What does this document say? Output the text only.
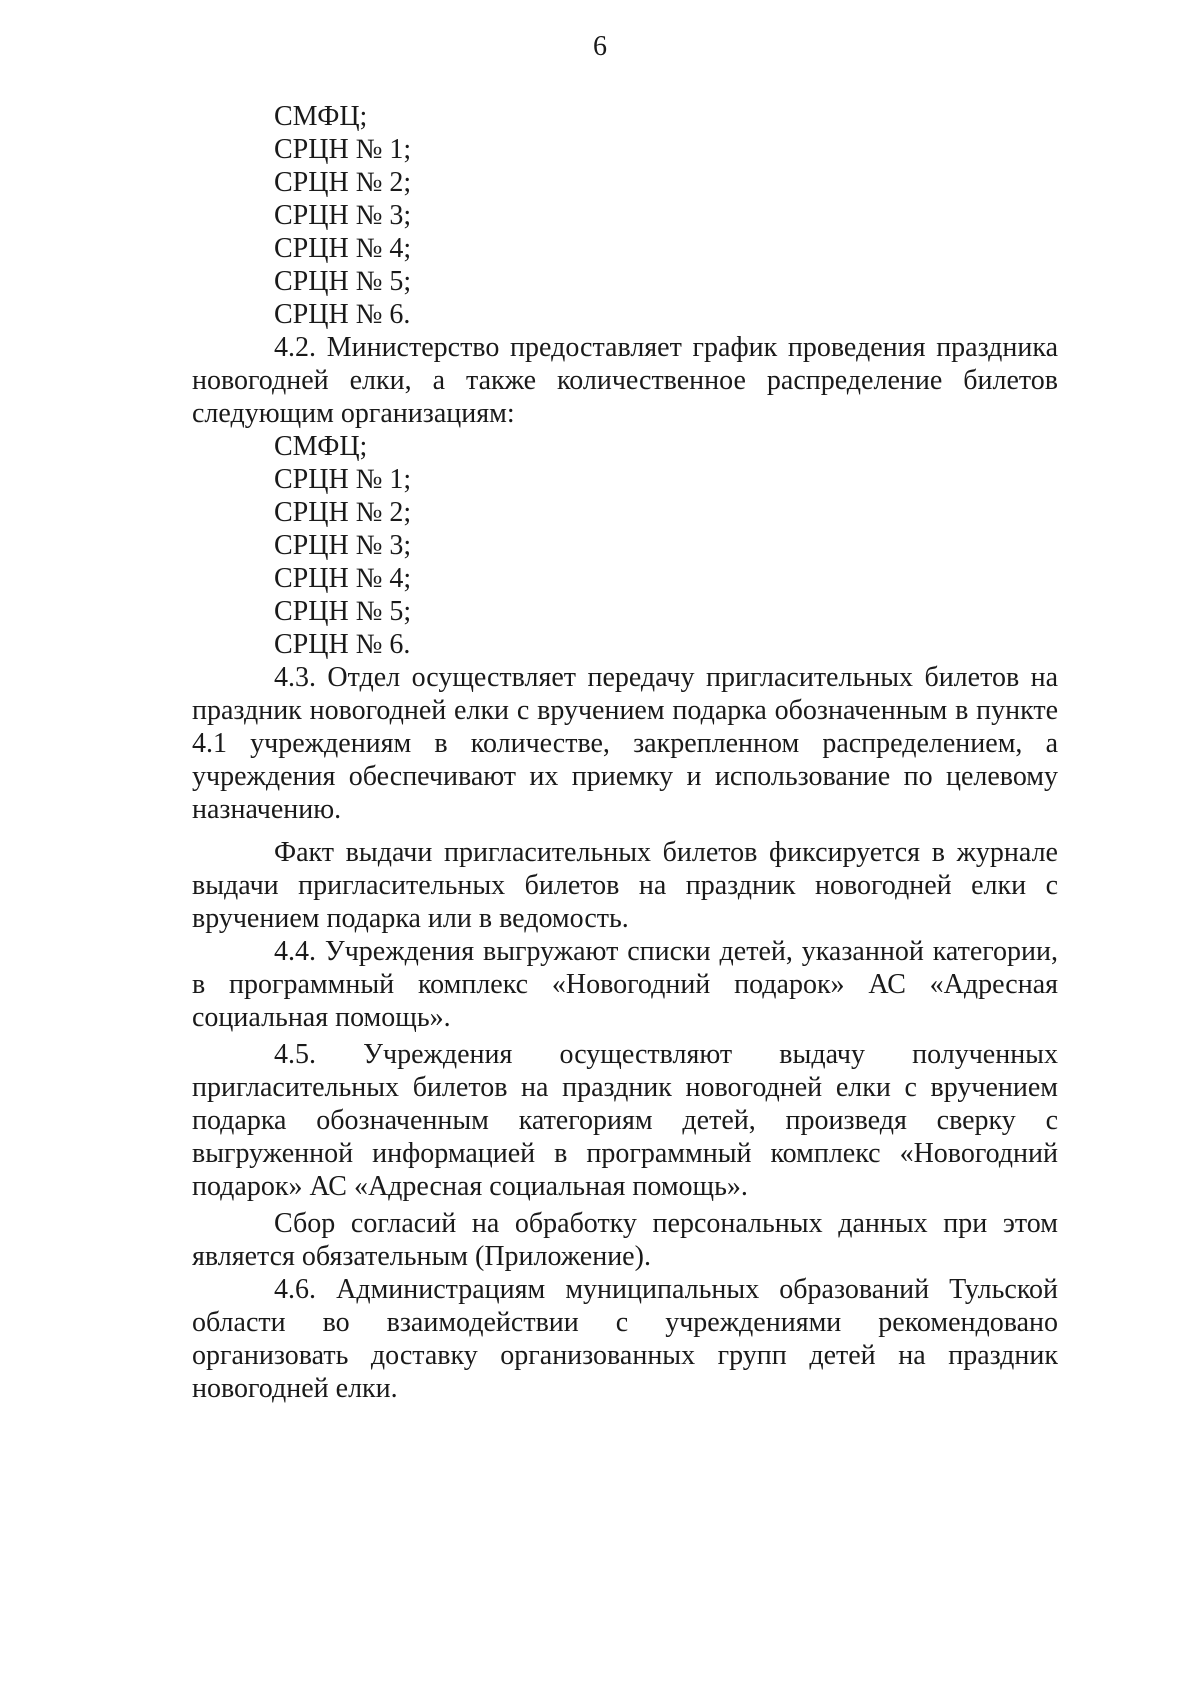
6
СМФЦ;
СРЦН № 1;
СРЦН № 2;
СРЦН № 3;
СРЦН № 4;
СРЦН № 5;
СРЦН № 6.

4.2. Министерство предоставляет график проведения праздника новогодней елки, а также количественное распределение билетов следующим организациям:

СМФЦ;
СРЦН № 1;
СРЦН № 2;
СРЦН № 3;
СРЦН № 4;
СРЦН № 5;
СРЦН № 6.

4.3. Отдел осуществляет передачу пригласительных билетов на праздник новогодней елки с вручением подарка обозначенным в пункте 4.1 учреждениям в количестве, закрепленном распределением, а учреждения обеспечивают их приемку и использование по целевому назначению.

Факт выдачи пригласительных билетов фиксируется в журнале выдачи пригласительных билетов на праздник новогодней елки с вручением подарка или в ведомость.

4.4. Учреждения выгружают списки детей, указанной категории, в программный комплекс «Новогодний подарок» АС «Адресная социальная помощь».

4.5. Учреждения осуществляют выдачу полученных пригласительных билетов на праздник новогодней елки с вручением подарка обозначенным категориям детей, произведя сверку с выгруженной информацией в программный комплекс «Новогодний подарок» АС «Адресная социальная помощь».

Сбор согласий на обработку персональных данных при этом является обязательным (Приложение).

4.6. Администрациям муниципальных образований Тульской области во взаимодействии с учреждениями рекомендовано организовать доставку организованных групп детей на праздник новогодней елки.
